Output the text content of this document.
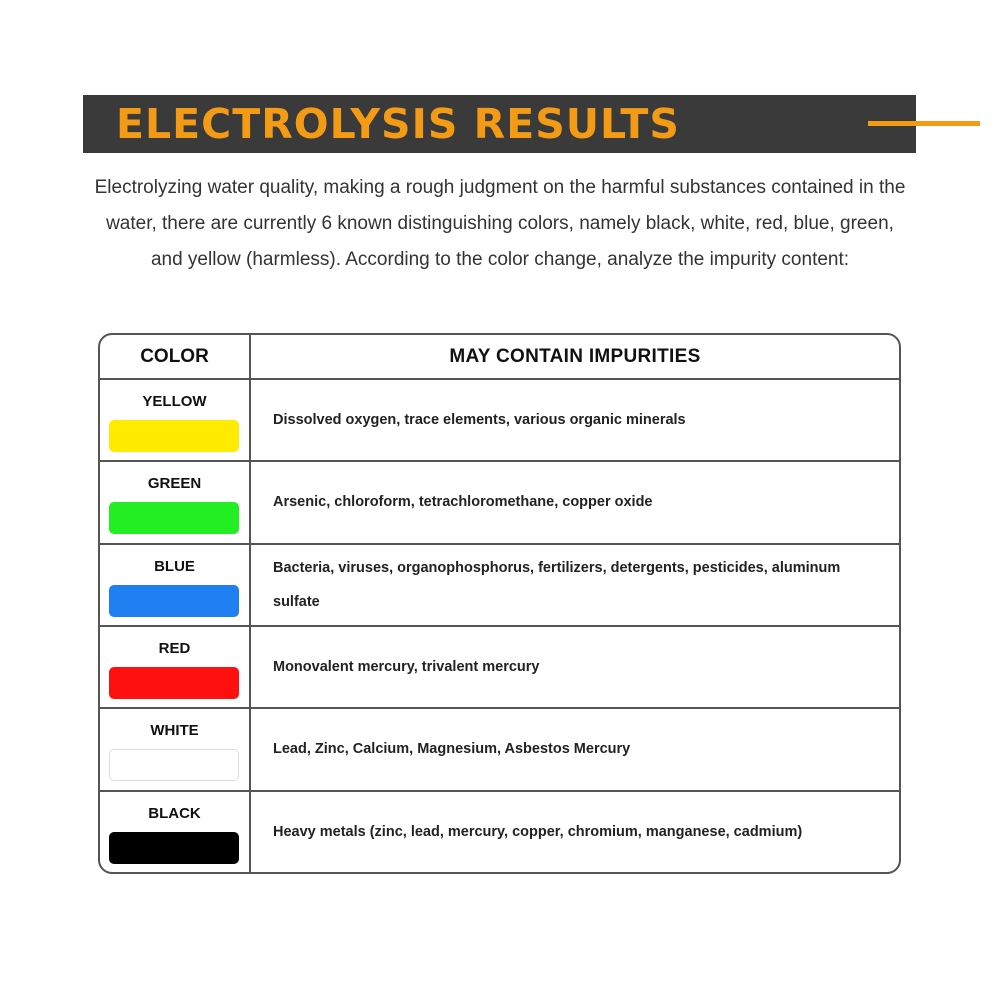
ELECTROLYSIS RESULTS
Electrolyzing water quality, making a rough judgment on the harmful substances contained in the water, there are currently 6 known distinguishing colors, namely black, white, red, blue, green, and yellow (harmless). According to the color change, analyze the impurity content:
COLOR	MAY CONTAIN IMPURITIES
YELLOW
Dissolved oxygen, trace elements, various organic minerals
GREEN
Arsenic, chloroform, tetrachloromethane, copper oxide
BLUE	Bacteria, viruses, organophosphorus, fertilizers, detergents, pesticides, aluminum sulfate
RED
Monovalent mercury, trivalent mercury
WHITE
Lead, Zinc, Calcium, Magnesium, Asbestos Mercury
BLACK
Heavy metals (zinc, lead, mercury, copper, chromium, manganese, cadmium)
